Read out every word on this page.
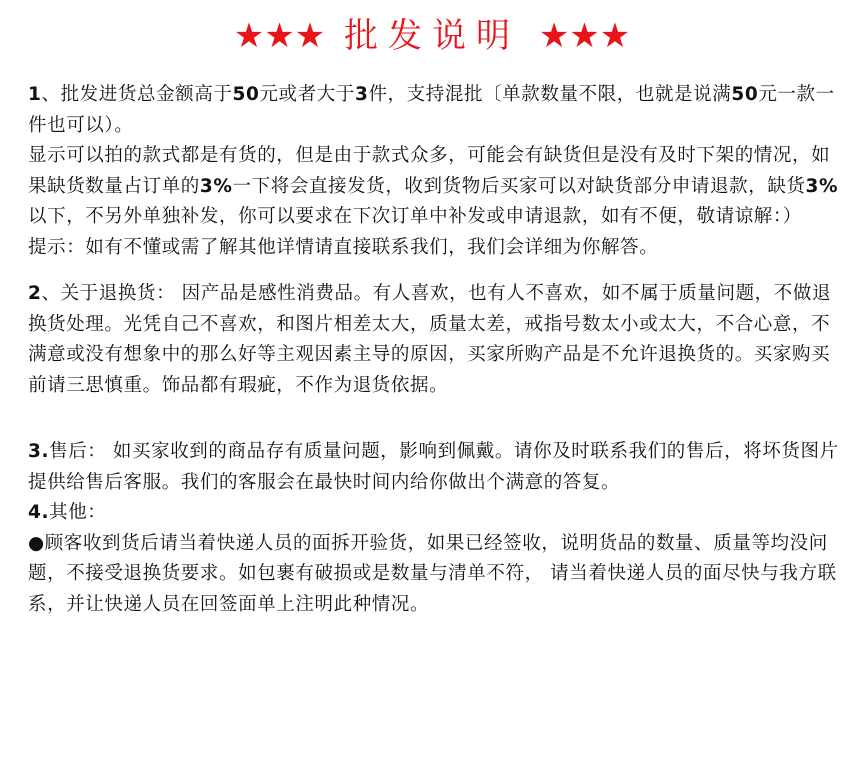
★★★ 批发说明 ★★★

1、批发进货总金额高于50元或者大于3件，支持混批〔单款数量不限，也就是说满50元一款一件也可以）。

显示可以拍的款式都是有货的，但是由于款式众多，可能会有缺货但是没有及时下架的情况，如果缺货数量占订单的3%一下将会直接发货，收到货物后买家可以对缺货部分申请退款，缺货3%以下，不另外单独补发，你可以要求在下次订单中补发或申请退款，如有不便，敬请谅解：）

提示：如有不懂或需了解其他详情请直接联系我们，我们会详细为你解答。

2、关于退换货： 因产品是感性消费品。有人喜欢，也有人不喜欢，如不属于质量问题，不做退换货处理。光凭自己不喜欢，和图片相差太大，质量太差，戒指号数太小或太大，不合心意，不满意或没有想象中的那么好等主观因素主导的原因，买家所购产品是不允许退换货的。买家购买前请三思慎重。饰品都有瑕疵，不作为退货依据。

3.售后： 如买家收到的商品存有质量问题，影响到佩戴。请你及时联系我们的售后，将坏货图片提供给售后客服。我们的客服会在最快时间内给你做出个满意的答复。

4.其他：

●顾客收到货后请当着快递人员的面拆开验货，如果已经签收，说明货品的数量、质量等均没问题，不接受退换货要求。如包裹有破损或是数量与清单不符， 请当着快递人员的面尽快与我方联系，并让快递人员在回签面单上注明此种情况。
